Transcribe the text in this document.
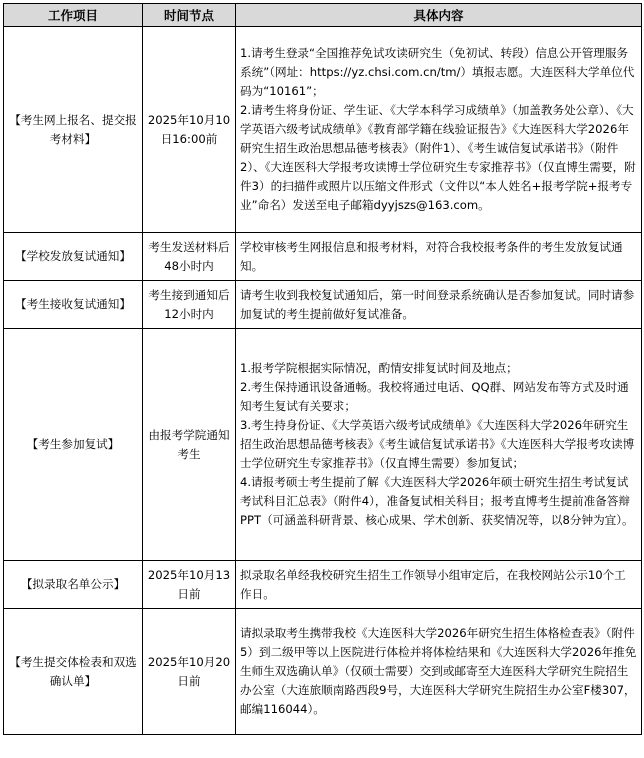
工作项目	时间节点	具体内容
【考生网上报名、提交报考材料】	2025年10月10日16:00前	1.请考生登录“全国推荐免试攻读研究生（免初试、转段）信息公开管理服务系统”（网址：https://yz.chsi.com.cn/tm/）填报志愿。大连医科大学单位代码为“10161”；
2.请考生将身份证、学生证、《大学本科学习成绩单》（加盖教务处公章）、《大学英语六级考试成绩单》《教育部学籍在线验证报告》《大连医科大学2026年研究生招生政治思想品德考核表》（附件1）、《考生诚信复试承诺书》（附件2）、《大连医科大学报考攻读博士学位研究生专家推荐书》（仅直博生需要，附件3）的扫描件或照片以压缩文件形式（文件以“本人姓名+报考学院+报考专业”命名）发送至电子邮箱dyyjszs@163.com。

【学校发放复试通知】	考生发送材料后48小时内	学校审核考生网报信息和报考材料，对符合我校报考条件的考生发放复试通知。

【考生接收复试通知】	考生接到通知后12小时内	请考生收到我校复试通知后，第一时间登录系统确认是否参加复试。同时请参加复试的考生提前做好复试准备。

【考生参加复试】	由报考学院通知考生	1.报考学院根据实际情况，酌情安排复试时间及地点；
2.考生保持通讯设备通畅。我校将通过电话、QQ群、网站发布等方式及时通知考生复试有关要求；
3.考生持身份证、《大学英语六级考试成绩单》《大连医科大学2026年研究生招生政治思想品德考核表》《考生诚信复试承诺书》《大连医科大学报考攻读博士学位研究生专家推荐书》（仅直博生需要）参加复试；
4.请报考硕士考生提前了解《大连医科大学2026年硕士研究生招生考试复试考试科目汇总表》（附件4），准备复试相关科目；报考直博考生提前准备答辩PPT（可涵盖科研背景、核心成果、学术创新、获奖情况等，以8分钟为宜）。

【拟录取名单公示】	2025年10月13日前	拟录取名单经我校研究生招生工作领导小组审定后，在我校网站公示10个工作日。

【考生提交体检表和双选确认单】	2025年10月20日前	请拟录取考生携带我校《大连医科大学2026年研究生招生体格检查表》（附件5）到二级甲等以上医院进行体检并将体检结果和《大连医科大学2026年推免生师生双选确认单》（仅硕士需要）交到或邮寄至大连医科大学研究生院招生办公室（大连旅顺南路西段9号，大连医科大学研究生院招生办公室F楼307，邮编116044）。
